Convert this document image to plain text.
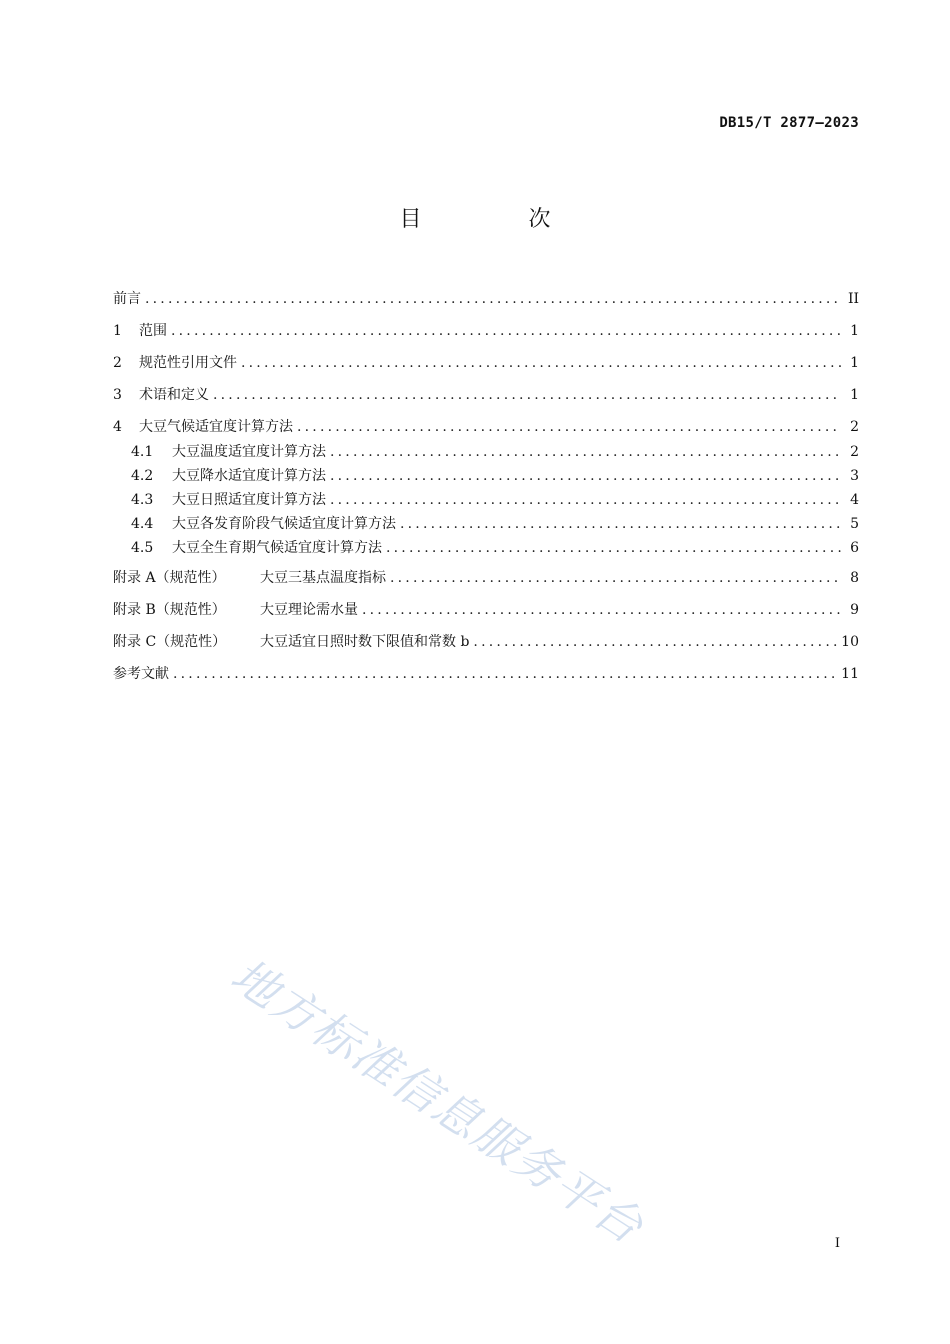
DB15/T 2877—2023
目 次
前言 .....	II
1	范围 .....	1
2	规范性引用文件 .....	1
3	术语和定义 .....	1
4	大豆气候适宜度计算方法 .....	2
4.1	大豆温度适宜度计算方法 .....	2
4.2	大豆降水适宜度计算方法 .....	3
4.3	大豆日照适宜度计算方法 .....	4
4.4	大豆各发育阶段气候适宜度计算方法 .....	5
4.5	大豆全生育期气候适宜度计算方法 .....	6
附录 A（规范性）	大豆三基点温度指标 .....	8
附录 B（规范性）	大豆理论需水量 .....	9
附录 C（规范性）	大豆适宜日照时数下限值和常数 b .....	10
参考文献 .....	11
地方标准信息服务平台	I
